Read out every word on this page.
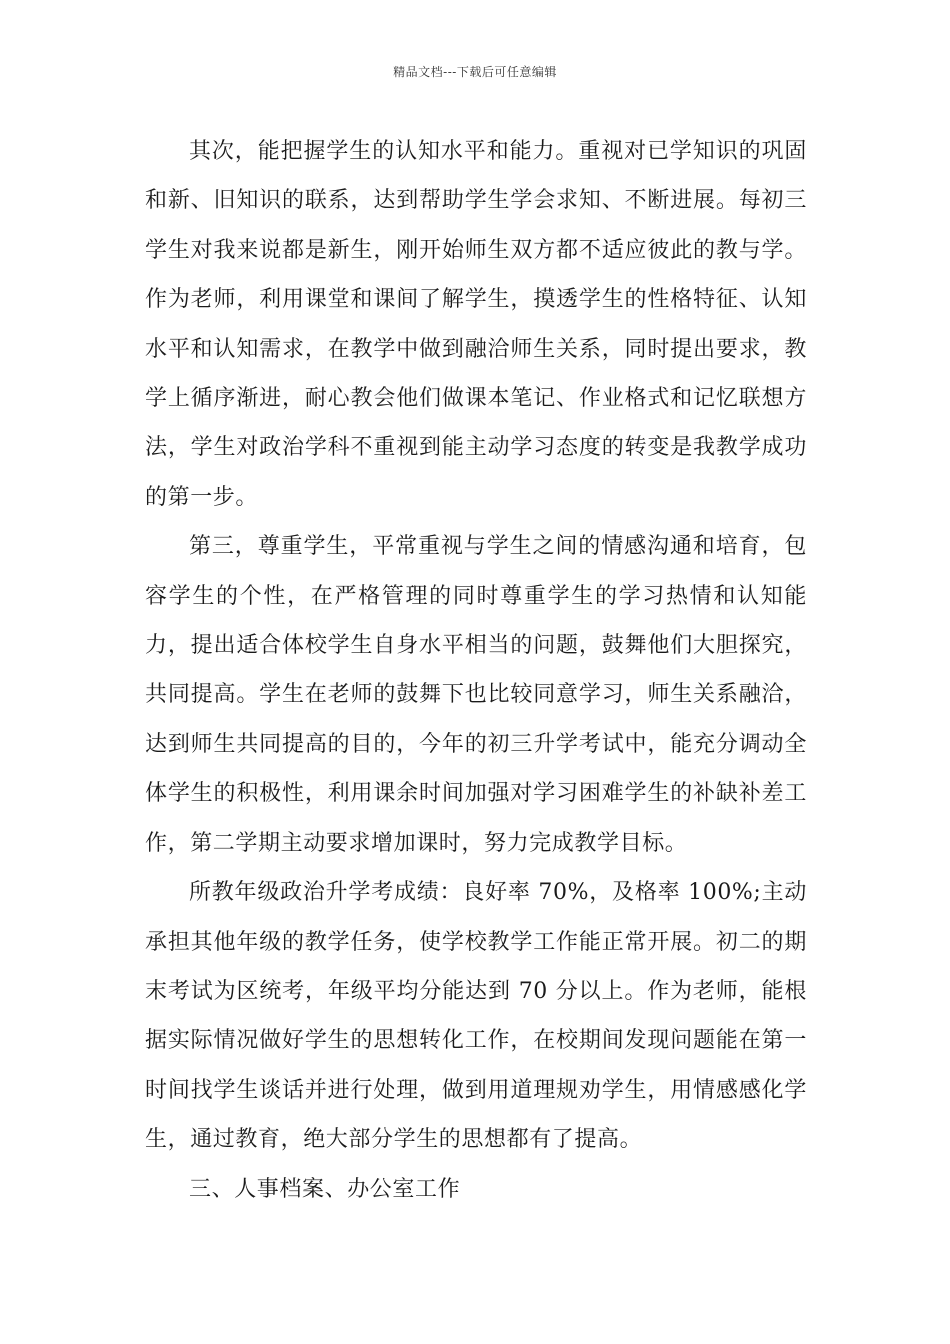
精品文档---下载后可任意编辑

其次，能把握学生的认知水平和能力。重视对已学知识的巩固和新、旧知识的联系，达到帮助学生学会求知、不断进展。每初三学生对我来说都是新生，刚开始师生双方都不适应彼此的教与学。作为老师，利用课堂和课间了解学生，摸透学生的性格特征、认知水平和认知需求，在教学中做到融洽师生关系，同时提出要求，教学上循序渐进，耐心教会他们做课本笔记、作业格式和记忆联想方法，学生对政治学科不重视到能主动学习态度的转变是我教学成功的第一步。

第三，尊重学生，平常重视与学生之间的情感沟通和培育，包容学生的个性，在严格管理的同时尊重学生的学习热情和认知能力，提出适合体校学生自身水平相当的问题，鼓舞他们大胆探究，共同提高。学生在老师的鼓舞下也比较同意学习，师生关系融洽，达到师生共同提高的目的，今年的初三升学考试中，能充分调动全体学生的积极性，利用课余时间加强对学习困难学生的补缺补差工作，第二学期主动要求增加课时，努力完成教学目标。

所教年级政治升学考成绩：良好率 70%，及格率 100%;主动承担其他年级的教学任务，使学校教学工作能正常开展。初二的期末考试为区统考，年级平均分能达到 70 分以上。作为老师，能根据实际情况做好学生的思想转化工作，在校期间发现问题能在第一时间找学生谈话并进行处理，做到用道理规劝学生，用情感感化学生，通过教育，绝大部分学生的思想都有了提高。

三、人事档案、办公室工作
